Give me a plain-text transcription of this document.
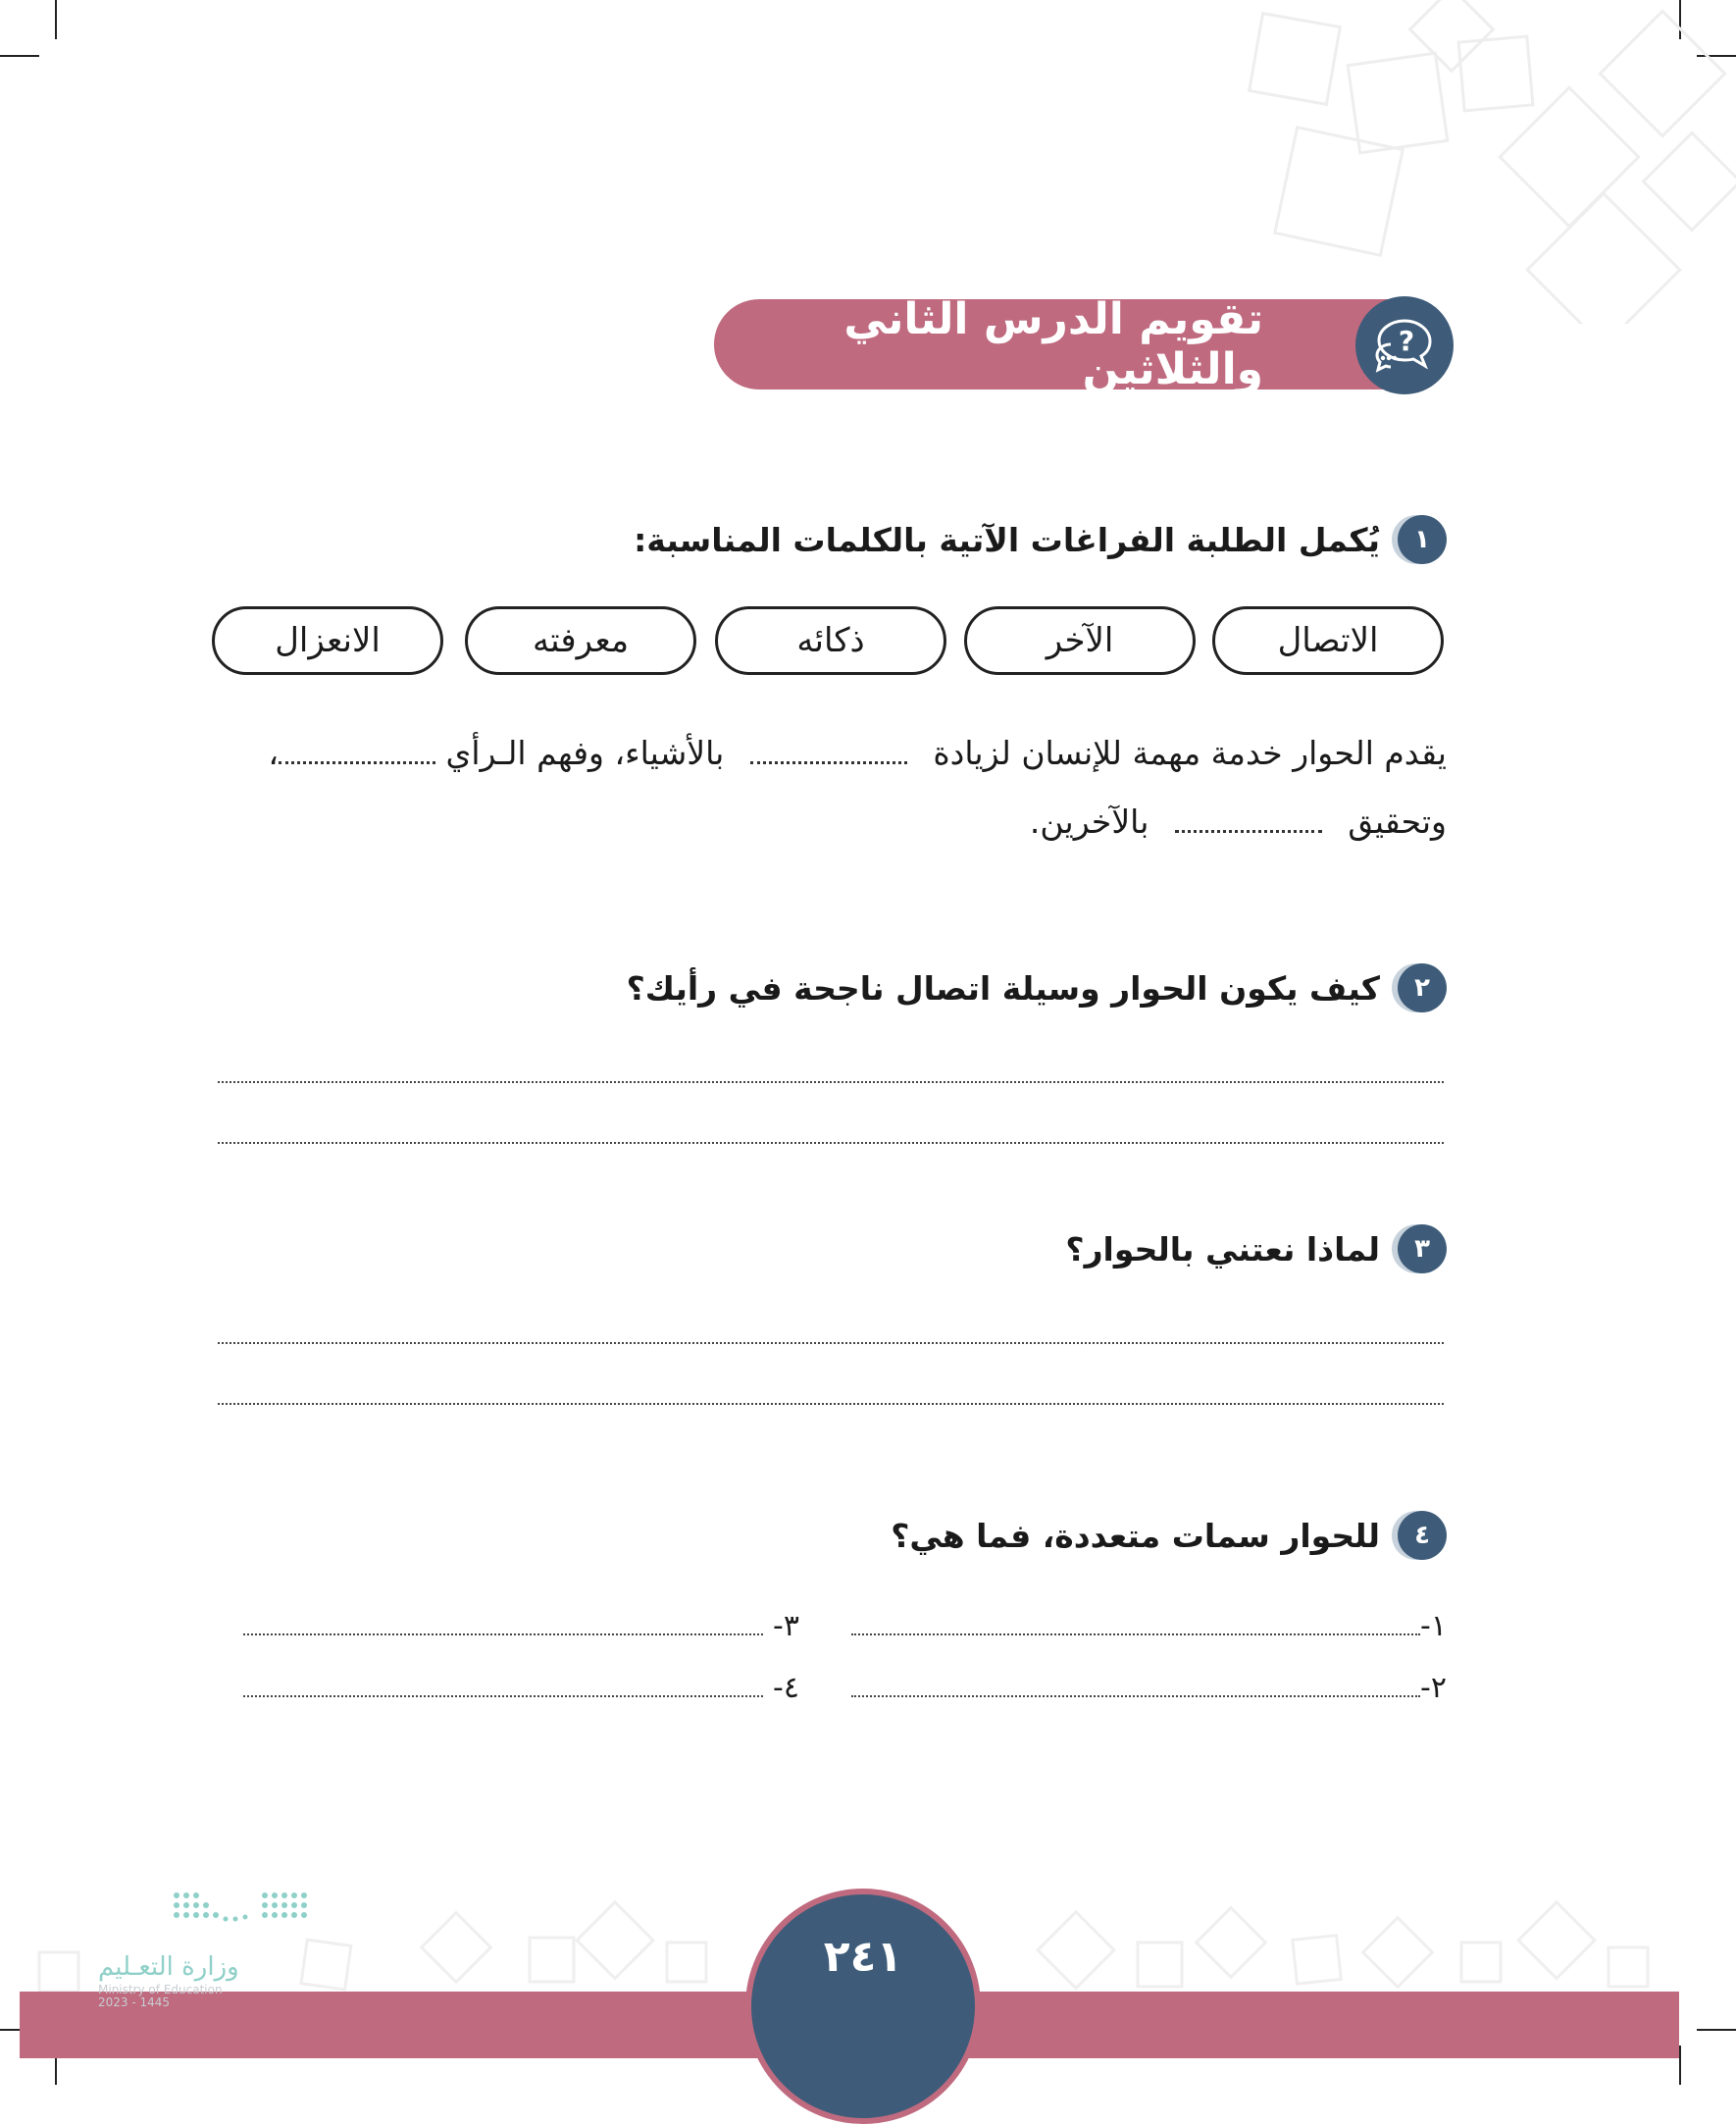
تقويم الدرس الثاني والثلاثين
?
١
يُكمل الطلبة الفراغات الآتية بالكلمات المناسبة:
الاتصال
الآخر
ذكائه
معرفته
الانعزال
يقدم الحوار خدمة مهمة للإنسان لزيادة  بالأشياء، وفهم الـرأي ،
وتحقيق  بالآخرين.
٢
كيف يكون الحوار وسيلة اتصال ناجحة في رأيك؟
٣
لماذا نعتني بالحوار؟
٤
للحوار سمات متعددة، فما هي؟
١-
٢-
٣-
٤-
٢٤١
وزارة التعـليم
Ministry of Education
2023 - 1445
